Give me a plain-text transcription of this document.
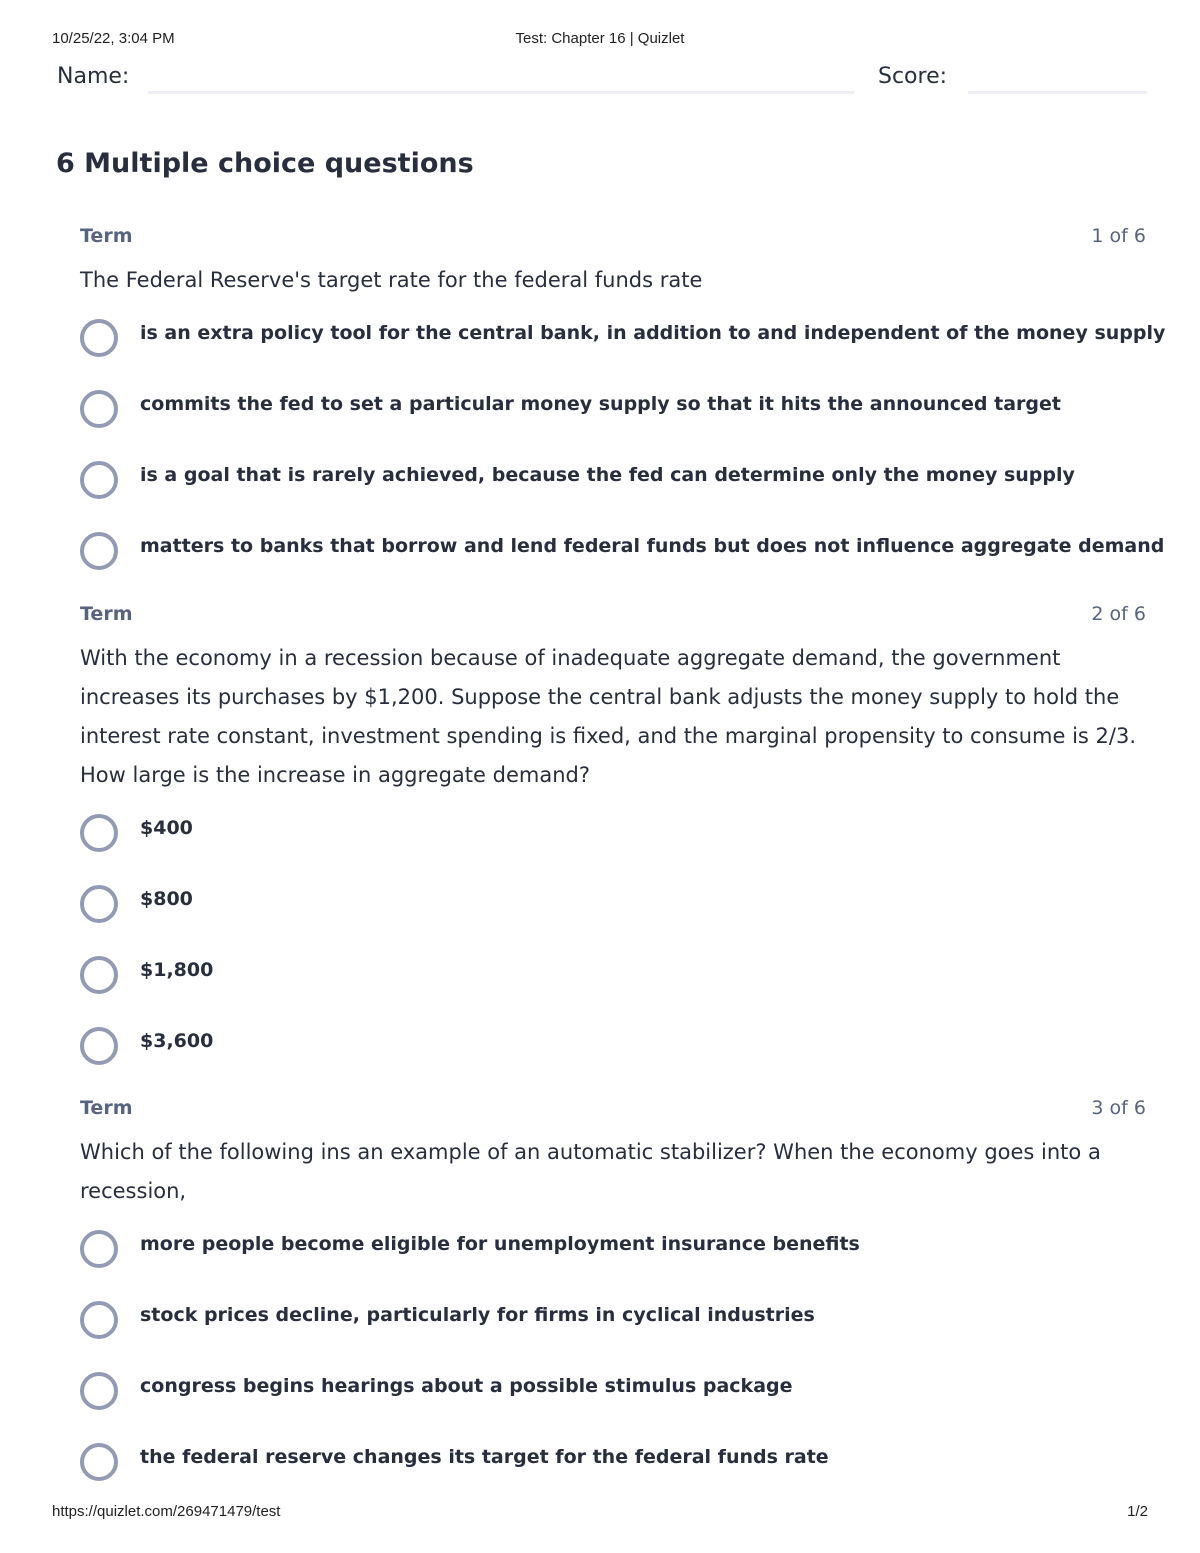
10/25/22, 3:04 PM	Test: Chapter 16 | Quizlet
Name:	Score:
6 Multiple choice questions
Term	1 of 6
The Federal Reserve's target rate for the federal funds rate
is an extra policy tool for the central bank, in addition to and independent of the money supply
commits the fed to set a particular money supply so that it hits the announced target
is a goal that is rarely achieved, because the fed can determine only the money supply
matters to banks that borrow and lend federal funds but does not influence aggregate demand
Term	2 of 6
With the economy in a recession because of inadequate aggregate demand, the government increases its purchases by $1,200. Suppose the central bank adjusts the money supply to hold the interest rate constant, investment spending is fixed, and the marginal propensity to consume is 2/3. How large is the increase in aggregate demand?
$400
$800
$1,800
$3,600
Term	3 of 6
Which of the following ins an example of an automatic stabilizer? When the economy goes into a recession,
more people become eligible for unemployment insurance benefits
stock prices decline, particularly for firms in cyclical industries
congress begins hearings about a possible stimulus package
the federal reserve changes its target for the federal funds rate
https://quizlet.com/269471479/test	1/2
